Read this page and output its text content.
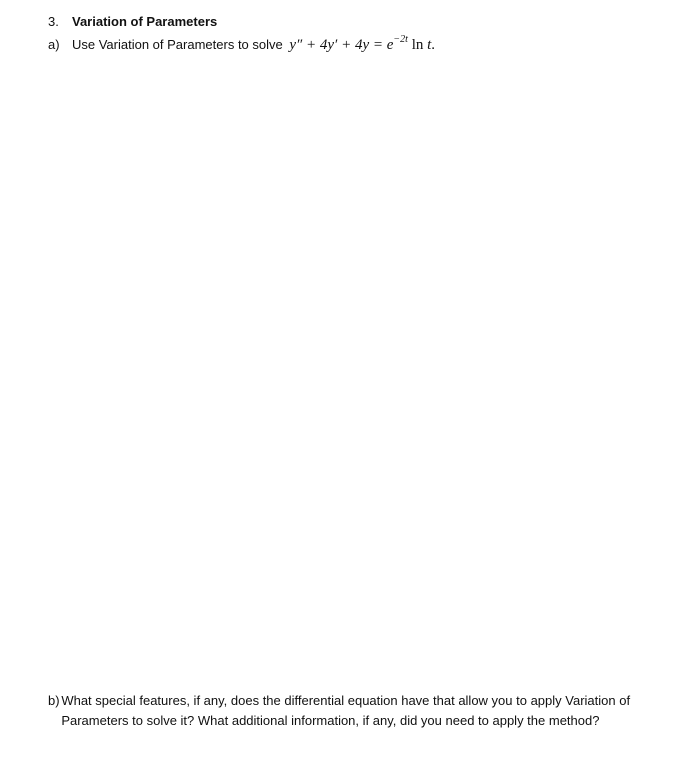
3. Variation of Parameters
a) Use Variation of Parameters to solve $y'' + 4y' + 4y = e^{-2t}$ ln t.
b) What special features, if any, does the differential equation have that allow you to apply Variation of Parameters to solve it? What additional information, if any, did you need to apply the method?
